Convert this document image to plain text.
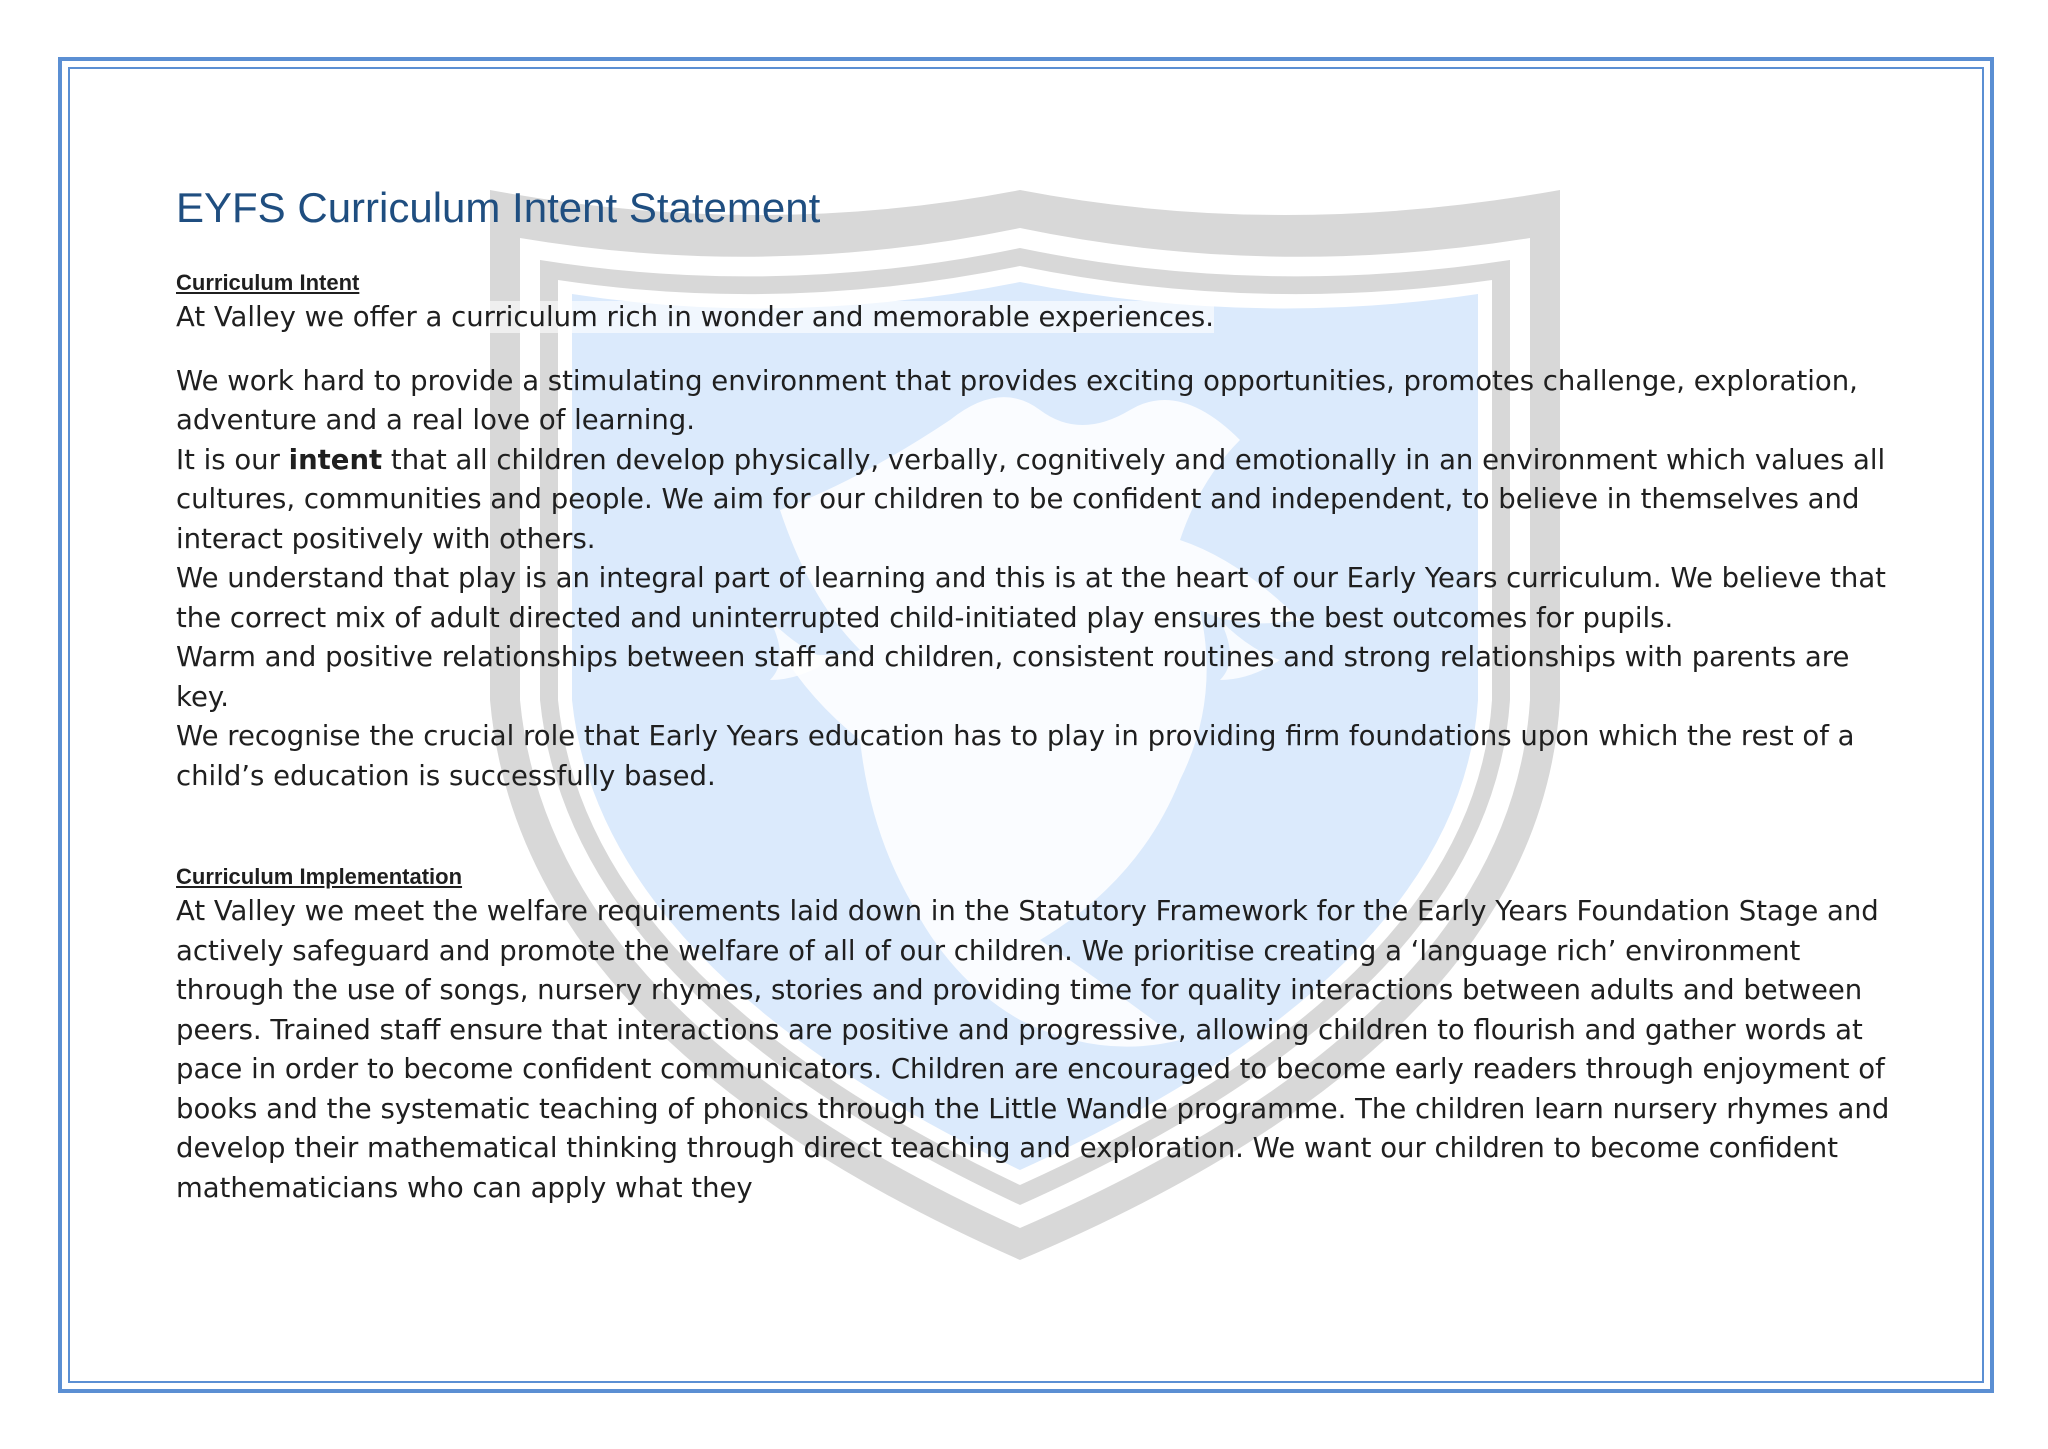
EYFS Curriculum Intent Statement
Curriculum Intent

At Valley we offer a curriculum rich in wonder and memorable experiences.

We work hard to provide a stimulating environment that provides exciting opportunities, promotes challenge, exploration, adventure and a real love of learning.

It is our intent that all children develop physically, verbally, cognitively and emotionally in an environment which values all cultures, communities and people. We aim for our children to be confident and independent, to believe in themselves and interact positively with others.

We understand that play is an integral part of learning and this is at the heart of our Early Years curriculum. We believe that the correct mix of adult directed and uninterrupted child-initiated play ensures the best outcomes for pupils.

Warm and positive relationships between staff and children, consistent routines and strong relationships with parents are key.

We recognise the crucial role that Early Years education has to play in providing firm foundations upon which the rest of a child’s education is successfully based.

Curriculum Implementation

At Valley we meet the welfare requirements laid down in the Statutory Framework for the Early Years Foundation Stage and actively safeguard and promote the welfare of all of our children. We prioritise creating a ‘language rich’ environment through the use of songs, nursery rhymes, stories and providing time for quality interactions between adults and between peers. Trained staff ensure that interactions are positive and progressive, allowing children to flourish and gather words at pace in order to become confident communicators. Children are encouraged to become early readers through enjoyment of books and the systematic teaching of phonics through the Little Wandle programme. The children learn nursery rhymes and develop their mathematical thinking through direct teaching and exploration. We want our children to become confident mathematicians who can apply what they
